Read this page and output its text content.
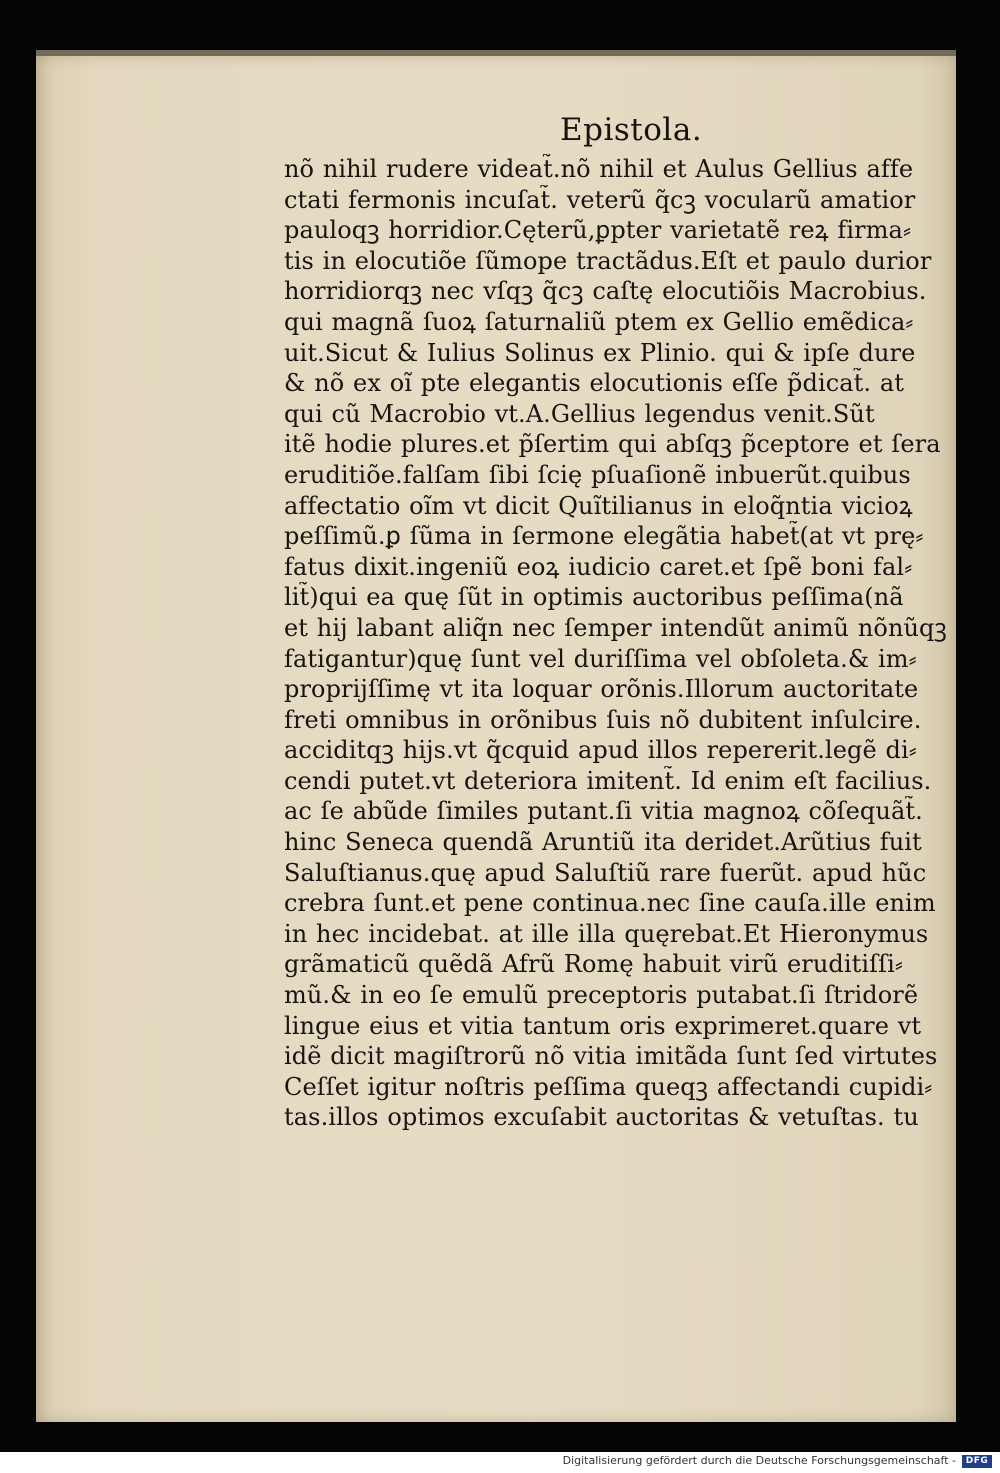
Epistola.
nõ nihil rudere videat̃.nõ nihil et Aulus Gellius affe
ctati fermonis incuſat̃. veterũ q̃cꝫ vocularũ amatior
pauloqꝫ horridior.Cęterũ,ꝑpter varietatẽ reꝝ firma⸗
tis in elocutiõe ſũmope tractãdus.Eſt et paulo durior
horridiorqꝫ nec vſqꝫ q̃cꝫ caſtę elocutiõis Macrobius.
qui magnã ſuoꝝ ſaturnaliũ ptem ex Gellio emẽdica⸗
uit.Sicut & Iulius Solinus ex Plinio. qui & ipſe dure
& nõ ex oĩ pte elegantis elocutionis eſſe p̃dicat̃. at
qui cũ Macrobio vt.A.Gellius legendus venit.Sũt
itẽ hodie plures.et p̃ſertim qui abſqꝫ p̃ceptore et ſera
eruditiõe.falſam ſibi ſcię pſuaſionẽ inbuerũt.quibus
affectatio oĩm vt dicit Quĩtilianus in eloq̃ntia vicioꝝ
peſſimũ.ꝑ ſũma in ſermone elegãtia habet̃(at vt prę⸗
fatus dixit.ingeniũ eoꝝ iudicio caret.et ſpẽ boni fal⸗
lit̃)qui ea quę ſũt in optimis auctoribus peſſima(nã
et hij labant aliq̃n nec ſemper intendũt animũ nõnũqꝫ
fatigantur)quę ſunt vel duriſſima vel obſoleta.& im⸗
proprijſſimę vt ita loquar orõnis.Illorum auctoritate
freti omnibus in orõnibus ſuis nõ dubitent inſulcire.
acciditqꝫ hijs.vt q̃cquid apud illos repererit.legẽ di⸗
cendi putet.vt deteriora imitent̃. Id enim eſt facilius.
ac ſe abũde ſimiles putant.ſi vitia magnoꝝ cõſequãt̃.
hinc Seneca quendã Aruntiũ ita deridet.Arũtius fuit
Saluſtianus.quę apud Saluſtiũ rare fuerũt. apud hũc
crebra ſunt.et pene continua.nec ſine cauſa.ille enim
in hec incidebat. at ille illa quęrebat.Et Hieronymus
grãmaticũ quẽdã Afrũ Romę habuit virũ eruditiſſi⸗
mũ.& in eo ſe emulũ preceptoris putabat.ſi ſtridorẽ
lingue eius et vitia tantum oris exprimeret.quare vt
idẽ dicit magiſtrorũ nõ vitia imitãda ſunt ſed virtutes
Ceſſet igitur noſtris peſſima queqꝫ affectandi cupidi⸗
tas.illos optimos excuſabit auctoritas & vetuſtas. tu
Digitalisierung gefördert durch die Deutsche Forschungsgemeinschaft -	DFG
